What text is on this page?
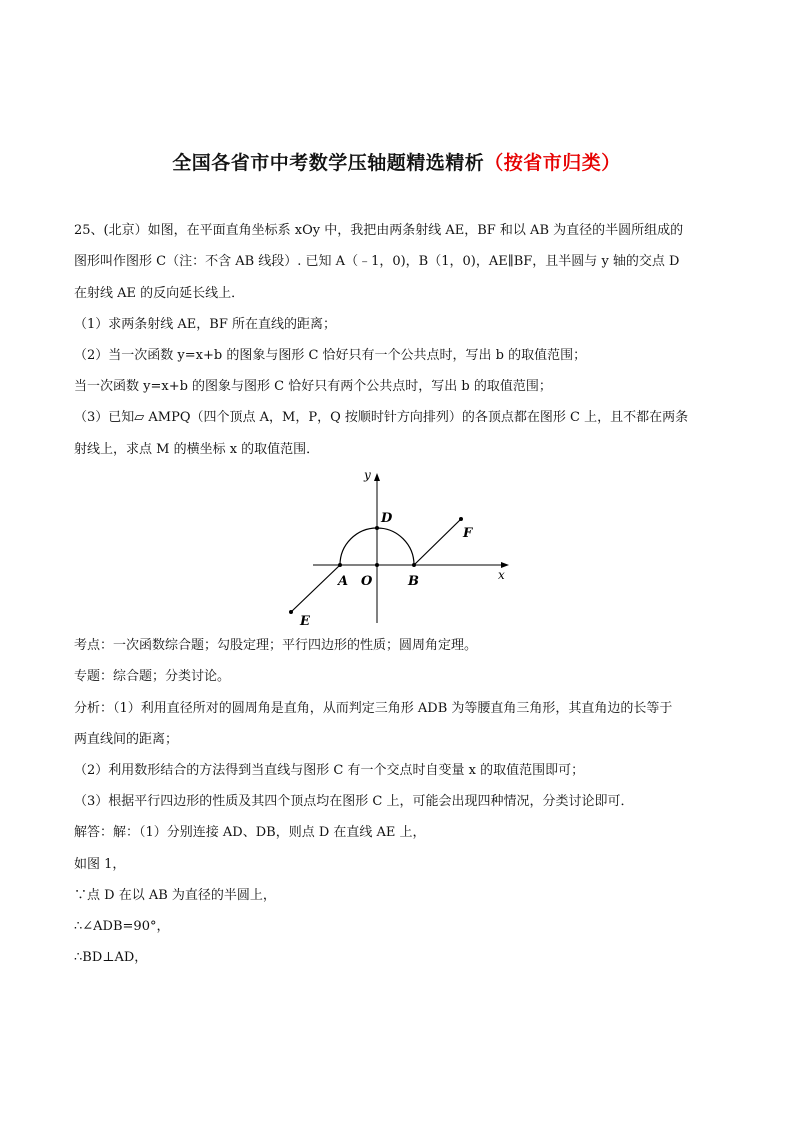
全国各省市中考数学压轴题精选精析（按省市归类）
25、(北京）如图，在平面直角坐标系 xOy 中，我把由两条射线 AE，BF 和以 AB 为直径的半圆所组成的
图形叫作图形 C（注：不含 AB 线段）. 已知 A（﹣1，0)，B（1，0)，AE∥BF，且半圆与 y 轴的交点 D
在射线 AE 的反向延长线上．
（1）求两条射线 AE，BF 所在直线的距离；
（2）当一次函数 y=x+b 的图象与图形 C 恰好只有一个公共点时，写出 b 的取值范围；
当一次函数 y=x+b 的图象与图形 C 恰好只有两个公共点时，写出 b 的取值范围；
（3）已知▱ AMPQ（四个顶点 A，M，P，Q 按顺时针方向排列）的各顶点都在图形 C 上，且不都在两条
射线上，求点 M 的横坐标 x 的取值范围．
y
x
D
F
A O	B
E
考点：一次函数综合题；勾股定理；平行四边形的性质；圆周角定理。
专题：综合题；分类讨论。
分析：（1）利用直径所对的圆周角是直角，从而判定三角形 ADB 为等腰直角三角形，其直角边的长等于
两直线间的距离；
（2）利用数形结合的方法得到当直线与图形 C 有一个交点时自变量 x 的取值范围即可；
（3）根据平行四边形的性质及其四个顶点均在图形 C 上，可能会出现四种情况，分类讨论即可．
解答：解：（1）分别连接 AD、DB，则点 D 在直线 AE 上，
如图 1，
∵点 D 在以 AB 为直径的半圆上，
∴∠ADB=90°，
∴BD⊥AD，
